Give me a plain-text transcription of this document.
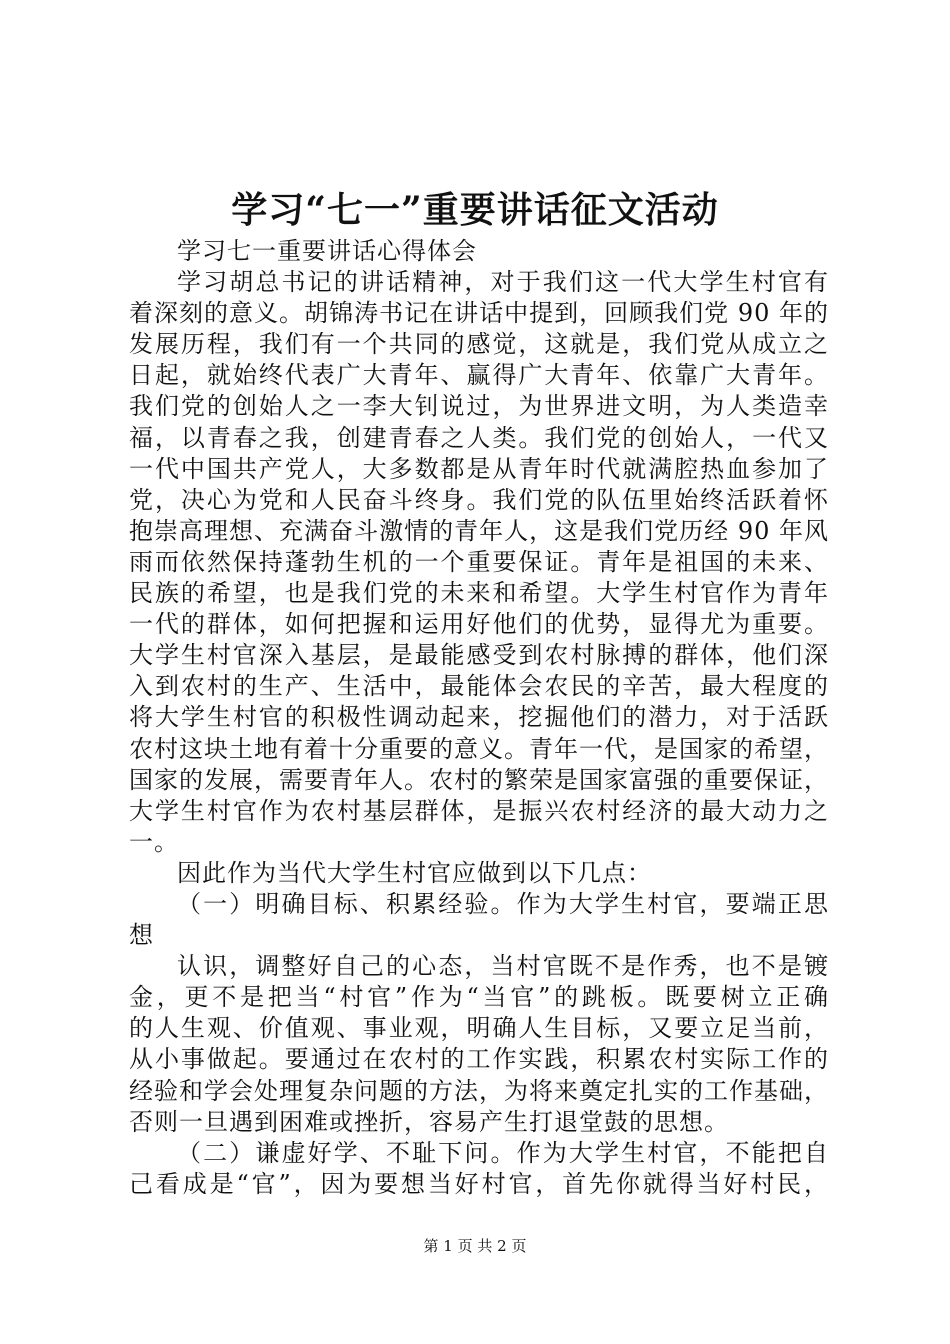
学习“七一”重要讲话征文活动
学习七一重要讲话心得体会
学习胡总书记的讲话精神，对于我们这一代大学生村官有
着深刻的意义。胡锦涛书记在讲话中提到，回顾我们党 90 年的
发展历程，我们有一个共同的感觉，这就是，我们党从成立之
日起，就始终代表广大青年、赢得广大青年、依靠广大青年。
我们党的创始人之一李大钊说过，为世界进文明，为人类造幸
福，以青春之我，创建青春之人类。我们党的创始人，一代又
一代中国共产党人，大多数都是从青年时代就满腔热血参加了
党，决心为党和人民奋斗终身。我们党的队伍里始终活跃着怀
抱崇高理想、充满奋斗激情的青年人，这是我们党历经 90 年风
雨而依然保持蓬勃生机的一个重要保证。青年是祖国的未来、
民族的希望，也是我们党的未来和希望。大学生村官作为青年
一代的群体，如何把握和运用好他们的优势，显得尤为重要。
大学生村官深入基层，是最能感受到农村脉搏的群体，他们深
入到农村的生产、生活中，最能体会农民的辛苦，最大程度的
将大学生村官的积极性调动起来，挖掘他们的潜力，对于活跃
农村这块土地有着十分重要的意义。青年一代，是国家的希望，
国家的发展，需要青年人。农村的繁荣是国家富强的重要保证，
大学生村官作为农村基层群体，是振兴农村经济的最大动力之
一。
因此作为当代大学生村官应做到以下几点：
（一）明确目标、积累经验。作为大学生村官，要端正思
想
认识，调整好自己的心态，当村官既不是作秀，也不是镀
金，更不是把当“村官”作为“当官”的跳板。既要树立正确
的人生观、价值观、事业观，明确人生目标，又要立足当前，
从小事做起。要通过在农村的工作实践，积累农村实际工作的
经验和学会处理复杂问题的方法，为将来奠定扎实的工作基础，
否则一旦遇到困难或挫折，容易产生打退堂鼓的思想。
（二）谦虚好学、不耻下问。作为大学生村官，不能把自
己看成是“官”，因为要想当好村官，首先你就得当好村民，
第 1 页 共 2 页
